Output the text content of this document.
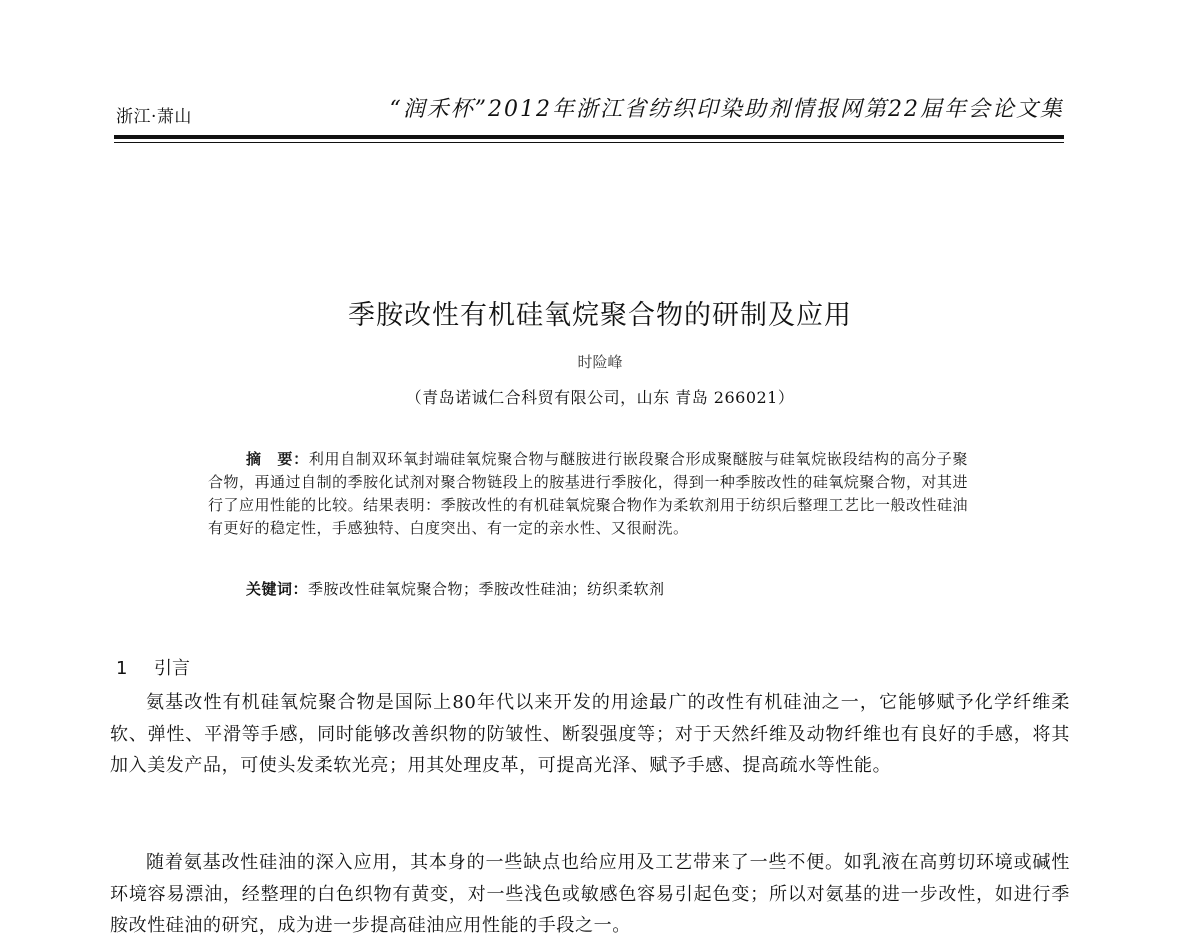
浙江·萧山	“润禾杯”2012年浙江省纺织印染助剂情报网第22届年会论文集
季胺改性有机硅氧烷聚合物的研制及应用
时险峰
（青岛诺诚仁合科贸有限公司，山东 青岛 266021）
摘　要：利用自制双环氧封端硅氧烷聚合物与醚胺进行嵌段聚合形成聚醚胺与硅氧烷嵌段结构的高分子聚合物，再通过自制的季胺化试剂对聚合物链段上的胺基进行季胺化，得到一种季胺改性的硅氧烷聚合物，对其进行了应用性能的比较。结果表明：季胺改性的有机硅氧烷聚合物作为柔软剂用于纺织后整理工艺比一般改性硅油有更好的稳定性，手感独特、白度突出、有一定的亲水性、又很耐洗。
关键词：季胺改性硅氧烷聚合物；季胺改性硅油；纺织柔软剂
1 引言
氨基改性有机硅氧烷聚合物是国际上80年代以来开发的用途最广的改性有机硅油之一，它能够赋予化学纤维柔软、弹性、平滑等手感，同时能够改善织物的防皱性、断裂强度等；对于天然纤维及动物纤维也有良好的手感，将其加入美发产品，可使头发柔软光亮；用其处理皮革，可提高光泽、赋予手感、提高疏水等性能。
随着氨基改性硅油的深入应用，其本身的一些缺点也给应用及工艺带来了一些不便。如乳液在高剪切环境或碱性环境容易漂油，经整理的白色织物有黄变，对一些浅色或敏感色容易引起色变；所以对氨基的进一步改性，如进行季胺改性硅油的研究，成为进一步提高硅油应用性能的手段之一。
